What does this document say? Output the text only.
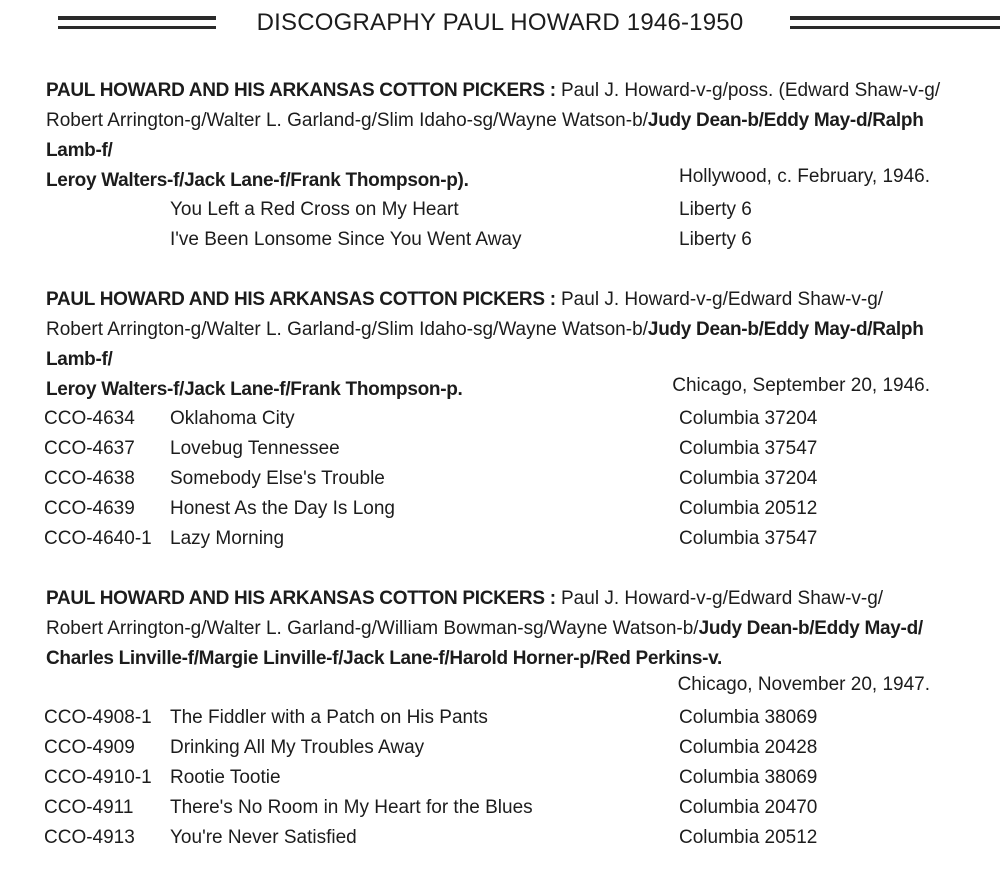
DISCOGRAPHY PAUL HOWARD 1946-1950

PAUL HOWARD AND HIS ARKANSAS COTTON PICKERS : Paul J. Howard-v-g/poss. (Edward Shaw-v-g/
Robert Arrington-g/Walter L. Garland-g/Slim Idaho-sg/Wayne Watson-b/Judy Dean-b/Eddy May-d/Ralph Lamb-f/
Leroy Walters-f/Jack Lane-f/Frank Thompson-p).	Hollywood, c. February, 1946.
You Left a Red Cross on My Heart	Liberty 6
I've Been Lonsome Since You Went Away	Liberty 6

PAUL HOWARD AND HIS ARKANSAS COTTON PICKERS : Paul J. Howard-v-g/Edward Shaw-v-g/
Robert Arrington-g/Walter L. Garland-g/Slim Idaho-sg/Wayne Watson-b/Judy Dean-b/Eddy May-d/Ralph Lamb-f/
Leroy Walters-f/Jack Lane-f/Frank Thompson-p.	Chicago, September 20, 1946.
CCO-4634 Oklahoma City	Columbia 37204
CCO-4637 Lovebug Tennessee	Columbia 37547
CCO-4638 Somebody Else's Trouble	Columbia 37204
CCO-4639 Honest As the Day Is Long	Columbia 20512
CCO-4640-1 Lazy Morning	Columbia 37547

PAUL HOWARD AND HIS ARKANSAS COTTON PICKERS : Paul J. Howard-v-g/Edward Shaw-v-g/
Robert Arrington-g/Walter L. Garland-g/William Bowman-sg/Wayne Watson-b/Judy Dean-b/Eddy May-d/
Charles Linville-f/Margie Linville-f/Jack Lane-f/Harold Horner-p/Red Perkins-v.

Chicago, November 20, 1947.
CCO-4908-1 The Fiddler with a Patch on His Pants	Columbia 38069
CCO-4909 Drinking All My Troubles Away	Columbia 20428
CCO-4910-1 Rootie Tootie	Columbia 38069
CCO-4911 There's No Room in My Heart for the Blues	Columbia 20470
CCO-4913 You're Never Satisfied	Columbia 20512
